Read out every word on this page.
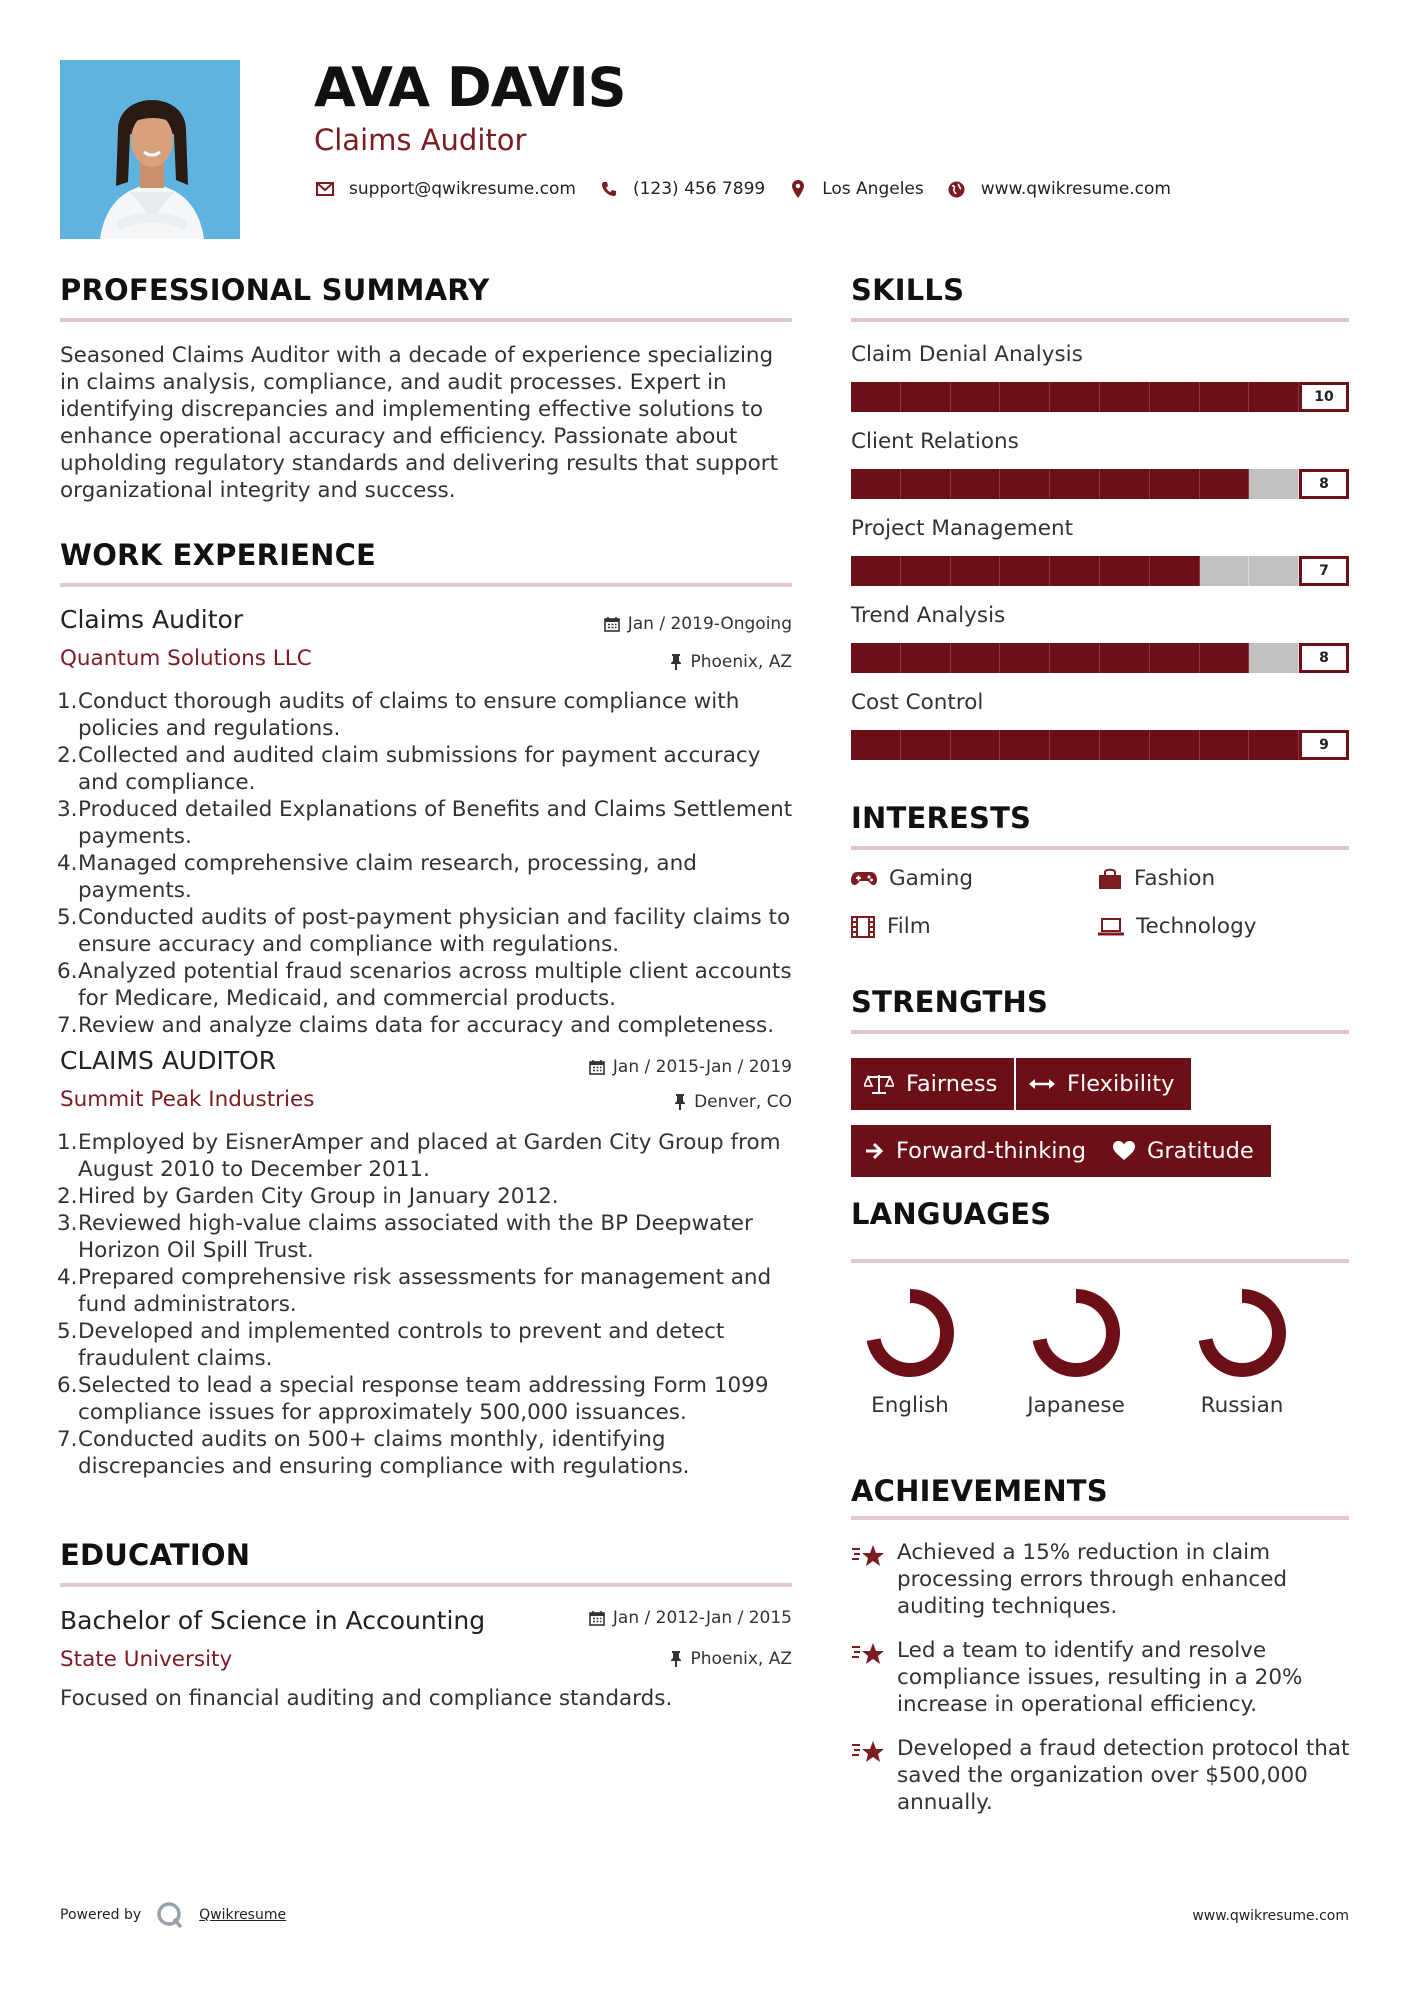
AVA DAVIS
Claims Auditor
support@qwikresume.com	(123) 456 7899	Los Angeles	www.qwikresume.com
PROFESSIONAL SUMMARY
Seasoned Claims Auditor with a decade of experience specializing in claims analysis, compliance, and audit processes. Expert in identifying discrepancies and implementing effective solutions to enhance operational accuracy and efficiency. Passionate about upholding regulatory standards and delivering results that support organizational integrity and success.
WORK EXPERIENCE
Claims Auditor	Jan / 2019-Ongoing
Quantum Solutions LLC	Phoenix, AZ
1. Conduct thorough audits of claims to ensure compliance with policies and regulations.
2. Collected and audited claim submissions for payment accuracy and compliance.
3. Produced detailed Explanations of Benefits and Claims Settlement payments.
4. Managed comprehensive claim research, processing, and payments.
5. Conducted audits of post-payment physician and facility claims to ensure accuracy and compliance with regulations.
6. Analyzed potential fraud scenarios across multiple client accounts for Medicare, Medicaid, and commercial products.
7. Review and analyze claims data for accuracy and completeness.
CLAIMS AUDITOR	Jan / 2015-Jan / 2019
Summit Peak Industries	Denver, CO
1. Employed by EisnerAmper and placed at Garden City Group from August 2010 to December 2011.
2. Hired by Garden City Group in January 2012.
3. Reviewed high-value claims associated with the BP Deepwater Horizon Oil Spill Trust.
4. Prepared comprehensive risk assessments for management and fund administrators.
5. Developed and implemented controls to prevent and detect fraudulent claims.
6. Selected to lead a special response team addressing Form 1099 compliance issues for approximately 500,000 issuances.
7. Conducted audits on 500+ claims monthly, identifying discrepancies and ensuring compliance with regulations.
EDUCATION
Bachelor of Science in Accounting	Jan / 2012-Jan / 2015
State University	Phoenix, AZ
Focused on financial auditing and compliance standards.
SKILLS
Claim Denial Analysis
10
Client Relations
8
Project Management
7
Trend Analysis
8
Cost Control
9
INTERESTS
Gaming	Fashion
Film	Technology
STRENGTHS
Fairness	Flexibility
Forward-thinking	Gratitude
LANGUAGES
English	Japanese	Russian
ACHIEVEMENTS
Achieved a 15% reduction in claim processing errors through enhanced auditing techniques.
Led a team to identify and resolve compliance issues, resulting in a 20% increase in operational efficiency.
Developed a fraud detection protocol that saved the organization over $500,000 annually.
Powered by	Qwikresume	www.qwikresume.com
